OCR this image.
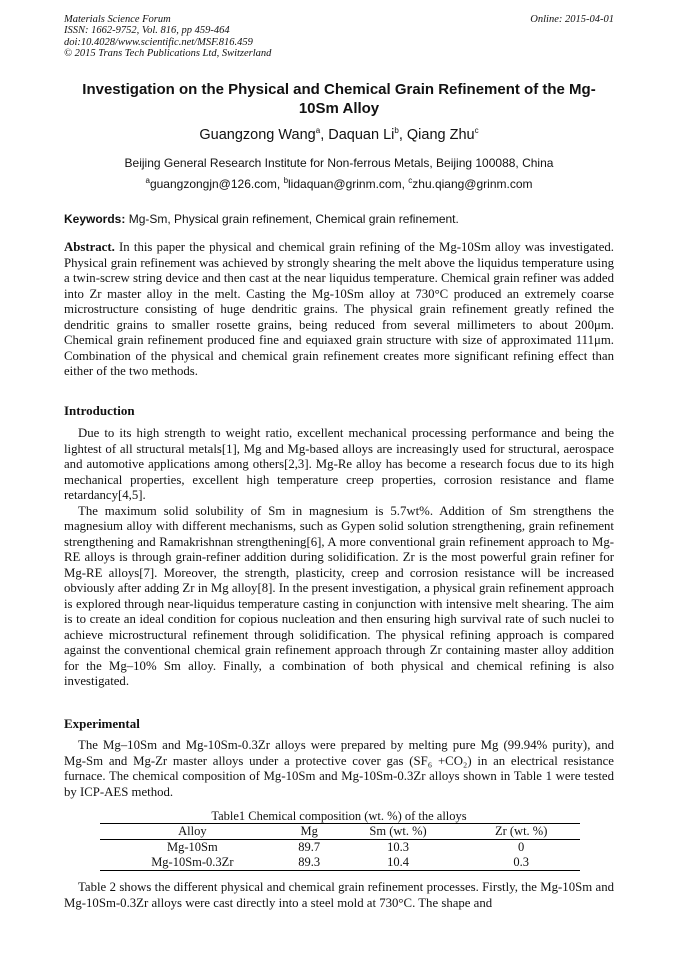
Materials Science Forum
ISSN: 1662-9752, Vol. 816, pp 459-464
doi:10.4028/www.scientific.net/MSF.816.459
© 2015 Trans Tech Publications Ltd, Switzerland
Online: 2015-04-01
Investigation on the Physical and Chemical Grain Refinement of the Mg-10Sm Alloy
Guangzong Wang$^a$, Daquan Li$^b$, Qiang Zhu$^c$
Beijing General Research Institute for Non-ferrous Metals, Beijing 100088, China
$^a$guangzongjn@126.com, $^b$lidaquan@grinm.com, $^c$zhu.qiang@grinm.com
Keywords: Mg-Sm, Physical grain refinement, Chemical grain refinement.

Abstract. In this paper the physical and chemical grain refining of the Mg-10Sm alloy was investigated. Physical grain refinement was achieved by strongly shearing the melt above the liquidus temperature using a twin-screw string device and then cast at the near liquidus temperature. Chemical grain refiner was added into Zr master alloy in the melt. Casting the Mg-10Sm alloy at 730°C produced an extremely coarse microstructure consisting of huge dendritic grains. The physical grain refinement greatly refined the dendritic grains to smaller rosette grains, being reduced from several millimeters to about 200μm. Chemical grain refinement produced fine and equiaxed grain structure with size of approximated 111μm. Combination of the physical and chemical grain refinement creates more significant refining effect than either of the two methods.

Introduction

Due to its high strength to weight ratio, excellent mechanical processing performance and being the lightest of all structural metals[1], Mg and Mg-based alloys are increasingly used for structural, aerospace and automotive applications among others[2,3]. Mg-Re alloy has become a research focus due to its high mechanical properties, excellent high temperature creep properties, corrosion resistance and flame retardancy[4,5].

The maximum solid solubility of Sm in magnesium is 5.7wt%. Addition of Sm strengthens the magnesium alloy with different mechanisms, such as Gypen solid solution strengthening, grain refinement strengthening and Ramakrishnan strengthening[6], A more conventional grain refinement approach to Mg-RE alloys is through grain-refiner addition during solidification. Zr is the most powerful grain refiner for Mg-RE alloys[7]. Moreover, the strength, plasticity, creep and corrosion resistance will be increased obviously after adding Zr in Mg alloy[8]. In the present investigation, a physical grain refinement approach is explored through near-liquidus temperature casting in conjunction with intensive melt shearing. The aim is to create an ideal condition for copious nucleation and then ensuring high survival rate of such nuclei to achieve microstructural refinement through solidification. The physical refining approach is compared against the conventional chemical grain refinement approach through Zr containing master alloy addition for the Mg–10% Sm alloy. Finally, a combination of both physical and chemical refining is also investigated.

Experimental

The Mg–10Sm and Mg-10Sm-0.3Zr alloys were prepared by melting pure Mg (99.94% purity), and Mg-Sm and Mg-Zr master alloys under a protective cover gas (SF₆ +CO₂) in an electrical resistance furnace. The chemical composition of Mg-10Sm and Mg-10Sm-0.3Zr alloys shown in Table 1 were tested by ICP-AES method.

Table1 Chemical composition (wt. %) of the alloys
Alloy	Mg	Sm (wt. %)	Zr (wt. %)
Mg-10Sm	89.7	10.3	0
Mg-10Sm-0.3Zr	89.3	10.4	0.3

Table 2 shows the different physical and chemical grain refinement processes. Firstly, the Mg-10Sm and Mg-10Sm-0.3Zr alloys were cast directly into a steel mold at 730°C. The shape and
